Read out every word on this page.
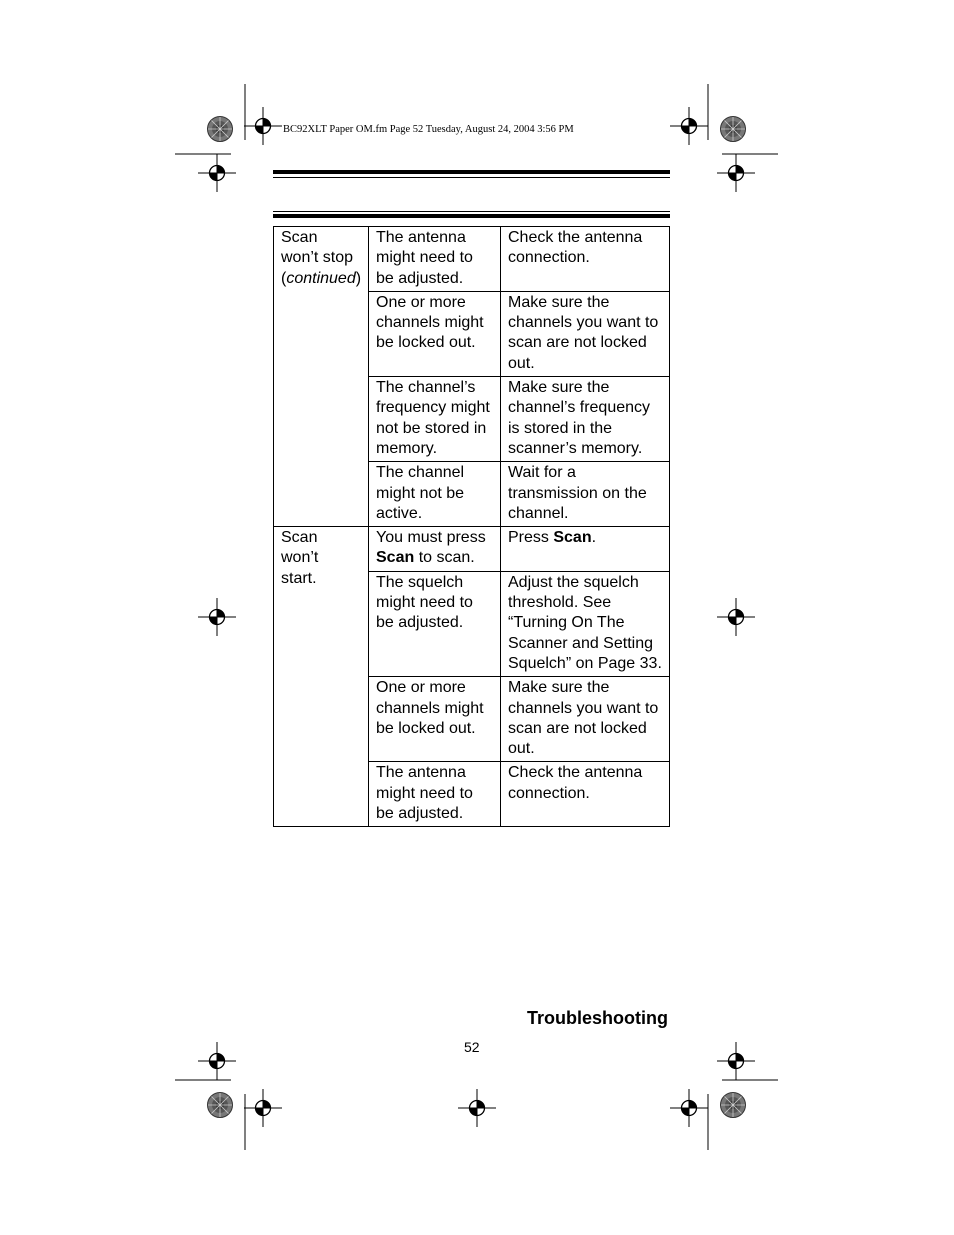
BC92XLT Paper OM.fm Page 52 Tuesday, August 24, 2004 3:56 PM
Scan
won’t stop
(continued)	The antenna might need to be adjusted.	Check the antenna connection.
	One or more channels might be locked out.	Make sure the channels you want to scan are not locked out.
	The channel’s frequency might not be stored in memory.	Make sure the channel’s frequency is stored in the scanner’s memory.
	The channel might not be active.	Wait for a transmission on the channel.
Scan
won’t
start.	You must press Scan to scan.	Press Scan.
	The squelch might need to be adjusted.	Adjust the squelch threshold. See “Turning On The Scanner and Setting Squelch” on Page 33.
	One or more channels might be locked out.	Make sure the channels you want to scan are not locked out.
	The antenna might need to be adjusted.	Check the antenna connection.
Troubleshooting
52
